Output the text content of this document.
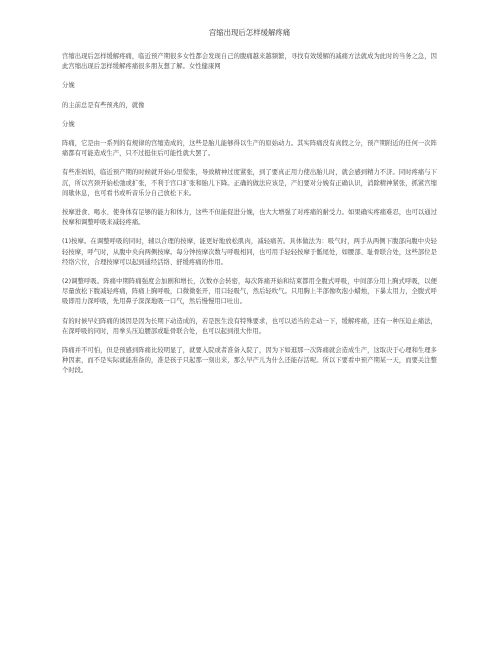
宫缩出现后怎样缓解疼痛
宫缩出现后怎样缓解疼痛，临近预产期很多女性都会发现自己的腹痛越来越频繁，寻找有效缓解的减痛方法就成为此时的当务之急，因此宫缩出现后怎样缓解疼痛很多朋友想了解。女性健康网
分娩
的主前总是有些预兆的，就像
分娩
阵痛，它是由一系列的有规律的宫缩造成的，这些是胎儿能够得以生产的原始动力。其实阵痛没有真假之分，预产期附近的任何一次阵痛都有可能造成生产，只不过挺住后可能性就大罢了。
有些准妈妈，临近预产期的时候就开始心里慌张，导致精神过度紧张，到了要真正用力使出胎儿时，就会感到精力不济。同时疼痛与下沉，所以宫颈开始松弛或扩张，不利于宫口扩张和胎儿下降。正确的做法应该是，产妇要对分娩有正确认识，消除精神紧张，抓紧宫缩间歇休息，也可看书或听音乐分自己放松下来。
按摩进食、喝水、使身体有足够的能力和体力，这些不但能促进分娩，也大大增强了对疼痛的耐受力。如果确实疼痛难忍，也可以通过按摩和调整呼吸来减轻疼痛。
(1)按摩。在调整呼吸的同时，辅以合理的按摩，能更好地放松肌肉，减轻痛苦。具体做法为：吸气时，两手从两侧下腹部向腹中央轻轻按摩，呼气时，从腹中央向两侧按摩。每分钟按摩次数与呼吸相同，也可用手轻轻按摩于骶尾处，如腰部、耻骨联合处，这些部位是经络穴位，合理按摩可以起到通经活络、舒缓疼痛的作用。
(2)调整呼吸。阵痛中期阵痛强度会加剧和增长，次数亦会转密，每次阵痛开始和结束都用全腹式呼吸，中间部分用上胸式呼吸，以便尽量放松下腹减轻疼痛，阵痛上胸呼吸，口微微张开，用口轻吸气，然后轻吹气。只用胸上半部像吹泡小蜡烛，下暴太用力，全腹式呼吸即用力深呼吸，先用鼻子深深地吸一口气，然后慢慢用口吐出。
有的时候早妇阵痛的诱因是因为长期下动造成的，若是医生没有特殊要求，也可以适当的走动一下，缓解疼痛，还有一种压迫止痛法，在深呼吸的同时，用拳头压迫腰部或耻骨联合处，也可以起到很大作用。
阵痛并不可怕，但是预感到阵痛比较明显了，就要入院或者准备入院了，因为下如逛那一次阵痛就会造成生产，这取决于心理和生理多种因素，而不是实际就能准备的，准是孩子只起那一刻出来，那么早产儿为什么还能存活呢。所以下要看中预产期某一天，而要关注整个时段。
